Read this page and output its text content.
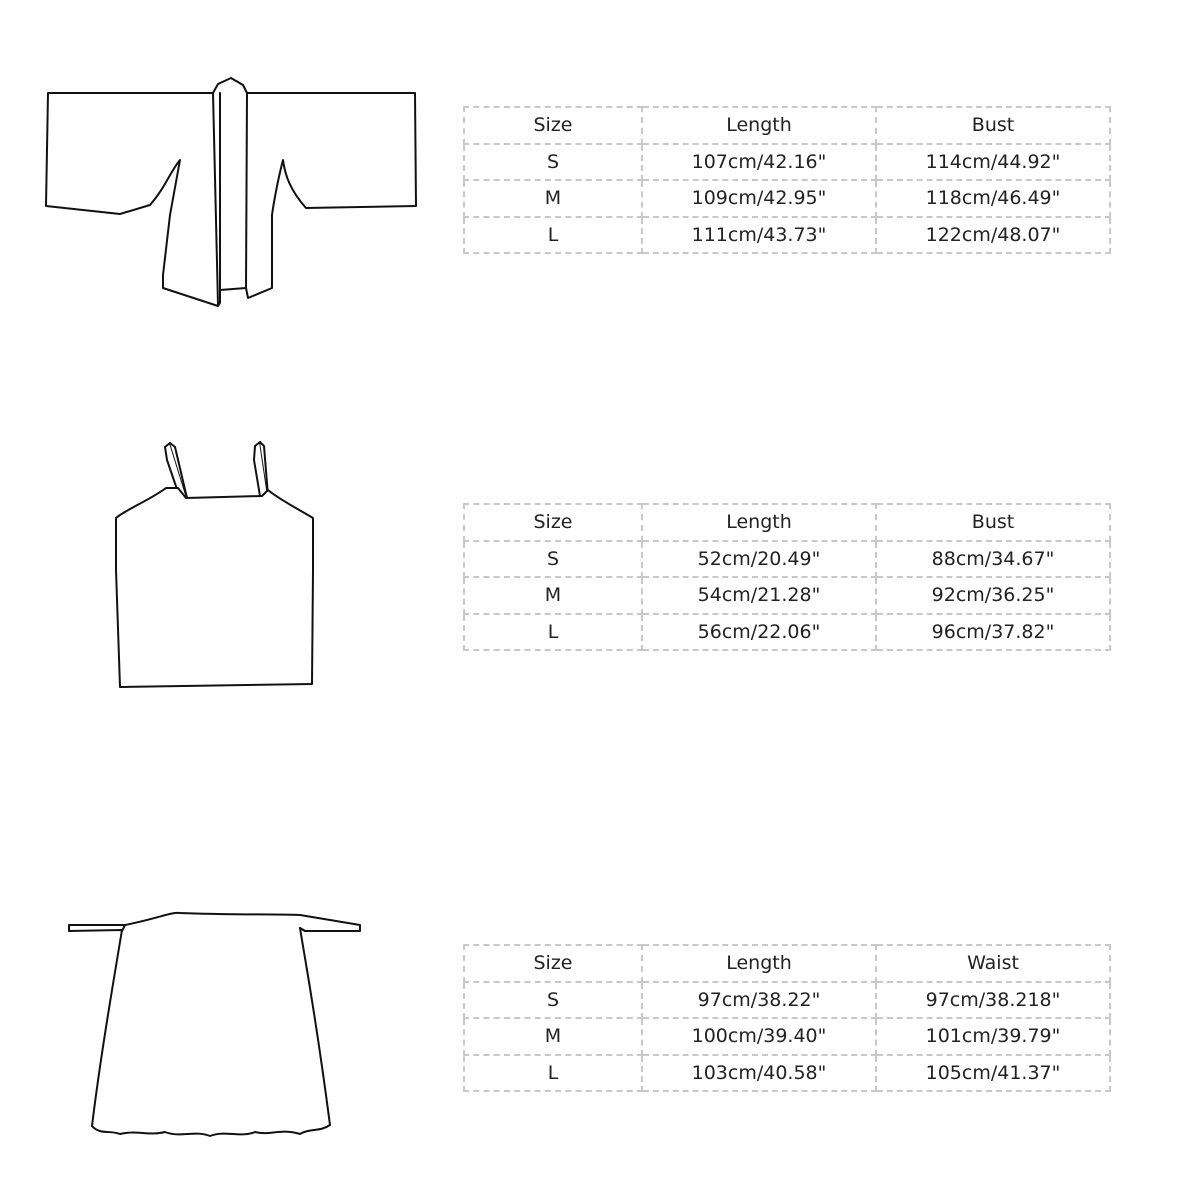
Size	Length	Bust
S	107cm/42.16"	114cm/44.92"
M	109cm/42.95"	118cm/46.49"
L	111cm/43.73"	122cm/48.07"
Size	Length	Bust
S	52cm/20.49"	88cm/34.67"
M	54cm/21.28"	92cm/36.25"
L	56cm/22.06"	96cm/37.82"
Size	Length	Waist
S	97cm/38.22"	97cm/38.218"
M	100cm/39.40"	101cm/39.79"
L	103cm/40.58"	105cm/41.37"
